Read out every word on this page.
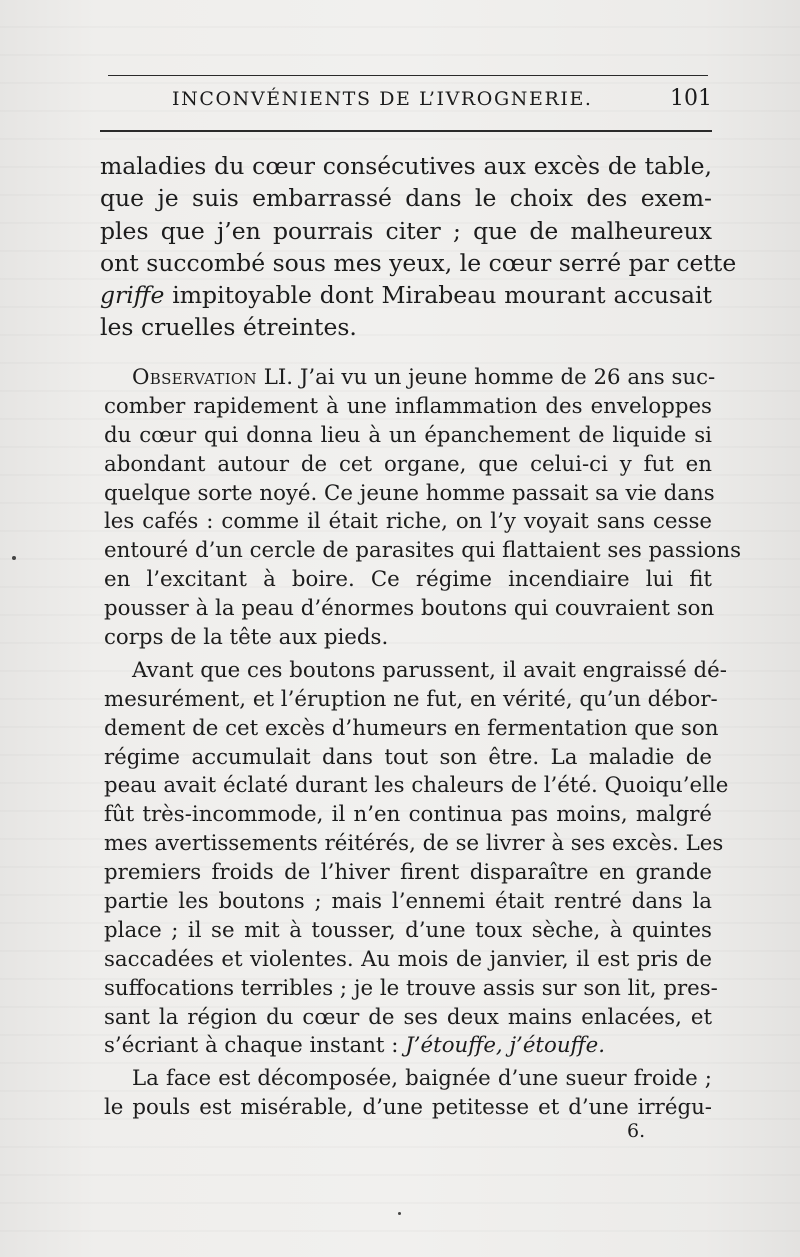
INCONVÉNIENTS DE L’IVROGNERIE.	101
maladies du cœur consécutives aux excès de table,
que je suis embarrassé dans le choix des exem-
ples que j’en pourrais citer ; que de malheureux
ont succombé sous mes yeux, le cœur serré par cette
griffe impitoyable dont Mirabeau mourant accusait
les cruelles étreintes.
Observation LI. J’ai vu un jeune homme de 26 ans suc-
comber rapidement à une inflammation des enveloppes
du cœur qui donna lieu à un épanchement de liquide si
abondant autour de cet organe, que celui-ci y fut en
quelque sorte noyé. Ce jeune homme passait sa vie dans
les cafés : comme il était riche, on l’y voyait sans cesse
entouré d’un cercle de parasites qui flattaient ses passions
en l’excitant à boire. Ce régime incendiaire lui fit
pousser à la peau d’énormes boutons qui couvraient son
corps de la tête aux pieds.
Avant que ces boutons parussent, il avait engraissé dé-
mesurément, et l’éruption ne fut, en vérité, qu’un débor-
dement de cet excès d’humeurs en fermentation que son
régime accumulait dans tout son être. La maladie de
peau avait éclaté durant les chaleurs de l’été. Quoiqu’elle
fût très-incommode, il n’en continua pas moins, malgré
mes avertissements réitérés, de se livrer à ses excès. Les
premiers froids de l’hiver firent disparaître en grande
partie les boutons ; mais l’ennemi était rentré dans la
place ; il se mit à tousser, d’une toux sèche, à quintes
saccadées et violentes. Au mois de janvier, il est pris de
suffocations terribles ; je le trouve assis sur son lit, pres-
sant la région du cœur de ses deux mains enlacées, et
s’écriant à chaque instant : J’étouffe, j’étouffe.
La face est décomposée, baignée d’une sueur froide ;
le pouls est misérable, d’une petitesse et d’une irrégu-
6.
